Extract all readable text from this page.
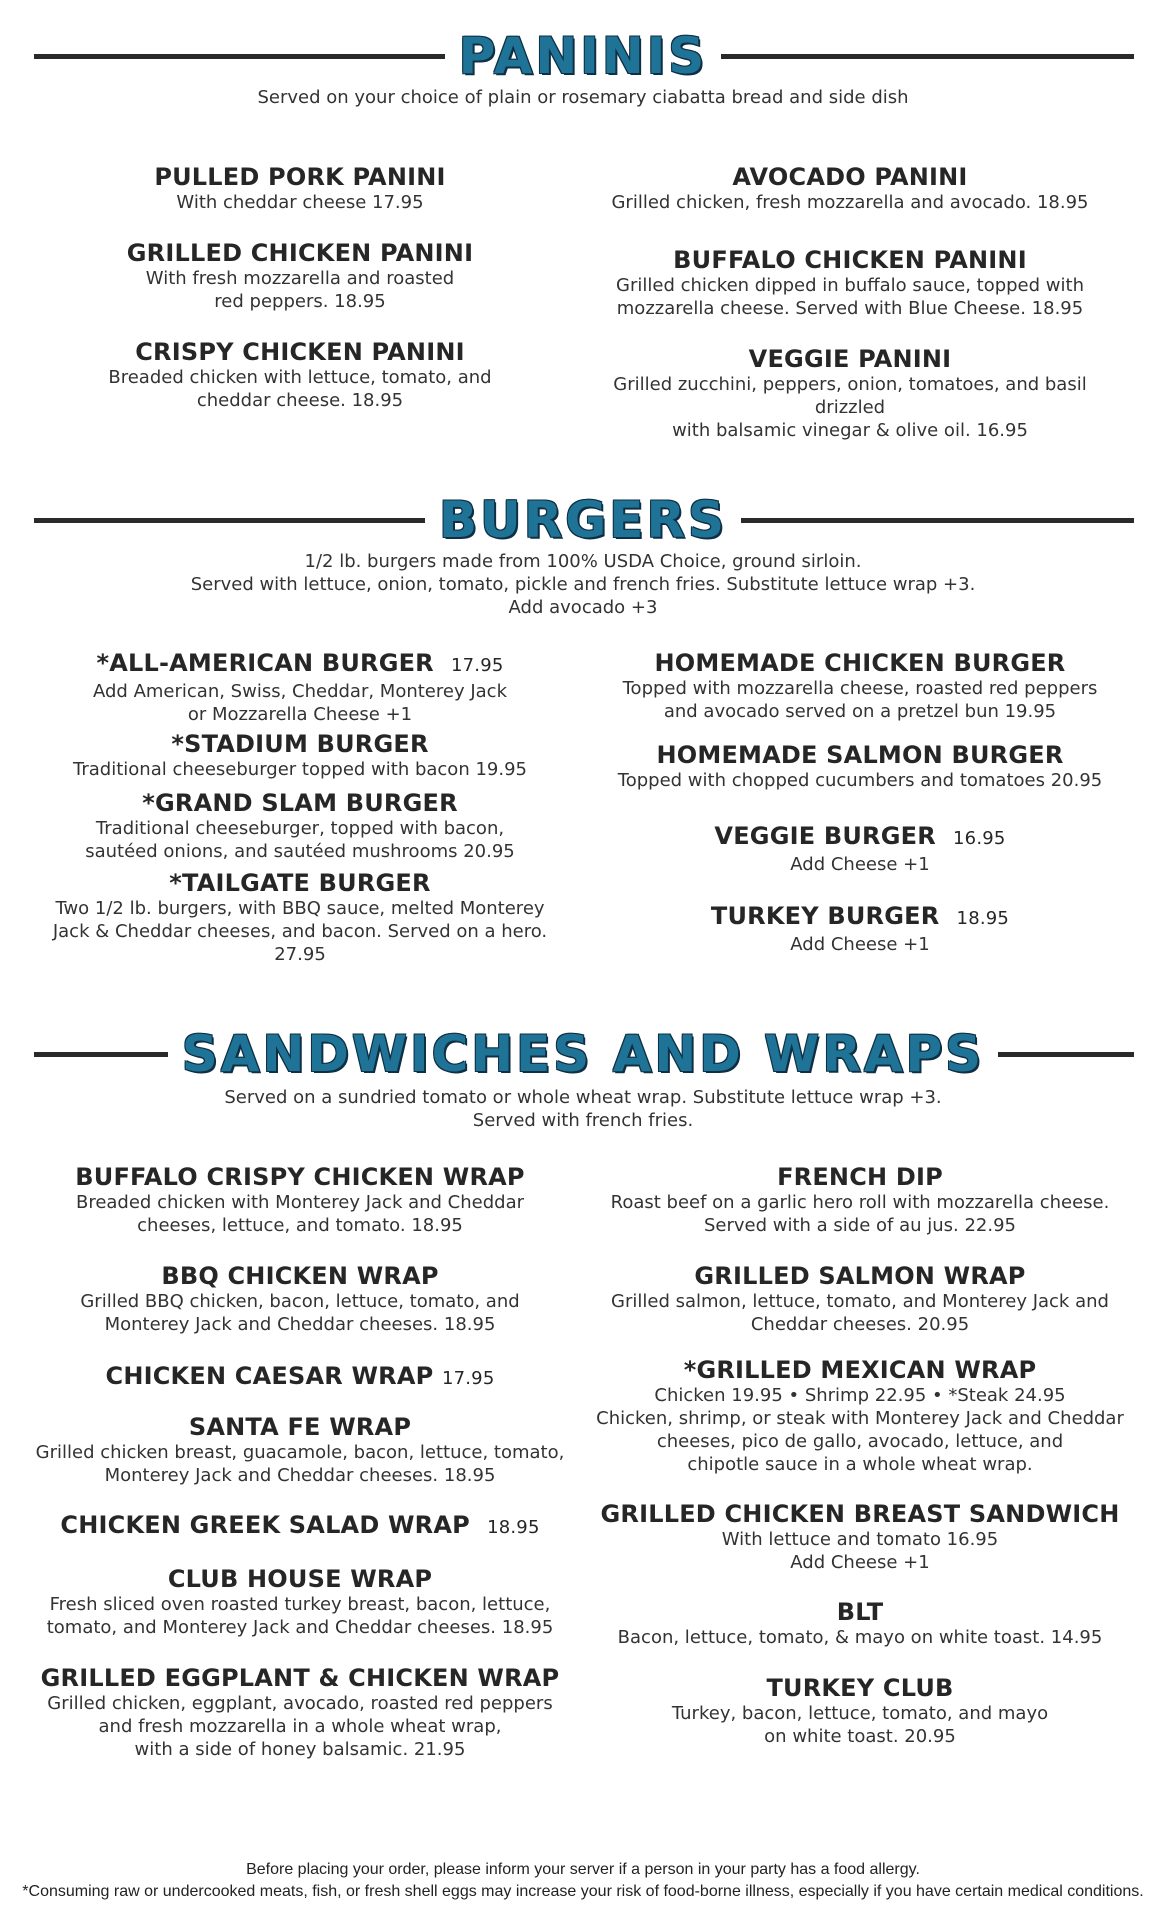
PANINIS
Served on your choice of plain or rosemary ciabatta bread and side dish
PULLED PORK PANINI
With cheddar cheese 17.95
GRILLED CHICKEN PANINI
With fresh mozzarella and roasted
red peppers. 18.95
CRISPY CHICKEN PANINI
Breaded chicken with lettuce, tomato, and
cheddar cheese. 18.95
AVOCADO PANINI
Grilled chicken, fresh mozzarella and avocado. 18.95
BUFFALO CHICKEN PANINI
Grilled chicken dipped in buffalo sauce, topped with
mozzarella cheese. Served with Blue Cheese. 18.95
VEGGIE PANINI
Grilled zucchini, peppers, onion, tomatoes, and basil drizzled
with balsamic vinegar & olive oil. 16.95
BURGERS
1/2 lb. burgers made from 100% USDA Choice, ground sirloin.
Served with lettuce, onion, tomato, pickle and french fries. Substitute lettuce wrap +3.
Add avocado +3
*ALL-AMERICAN BURGER 17.95
Add American, Swiss, Cheddar, Monterey Jack
or Mozzarella Cheese +1
*STADIUM BURGER
Traditional cheeseburger topped with bacon 19.95
*GRAND SLAM BURGER
Traditional cheeseburger, topped with bacon,
sautéed onions, and sautéed mushrooms 20.95
*TAILGATE BURGER
Two 1/2 lb. burgers, with BBQ sauce, melted Monterey
Jack & Cheddar cheeses, and bacon. Served on a hero. 27.95
HOMEMADE CHICKEN BURGER
Topped with mozzarella cheese, roasted red peppers
and avocado served on a pretzel bun 19.95
HOMEMADE SALMON BURGER
Topped with chopped cucumbers and tomatoes 20.95
VEGGIE BURGER 16.95
Add Cheese +1
TURKEY BURGER 18.95
Add Cheese +1
SANDWICHES AND WRAPS
Served on a sundried tomato or whole wheat wrap. Substitute lettuce wrap +3.
Served with french fries.
BUFFALO CRISPY CHICKEN WRAP
Breaded chicken with Monterey Jack and Cheddar
cheeses, lettuce, and tomato. 18.95
BBQ CHICKEN WRAP
Grilled BBQ chicken, bacon, lettuce, tomato, and
Monterey Jack and Cheddar cheeses. 18.95
CHICKEN CAESAR WRAP 17.95
SANTA FE WRAP
Grilled chicken breast, guacamole, bacon, lettuce, tomato,
Monterey Jack and Cheddar cheeses. 18.95
CHICKEN GREEK SALAD WRAP 18.95
CLUB HOUSE WRAP
Fresh sliced oven roasted turkey breast, bacon, lettuce,
tomato, and Monterey Jack and Cheddar cheeses. 18.95
GRILLED EGGPLANT & CHICKEN WRAP
Grilled chicken, eggplant, avocado, roasted red peppers
and fresh mozzarella in a whole wheat wrap,
with a side of honey balsamic. 21.95
FRENCH DIP
Roast beef on a garlic hero roll with mozzarella cheese.
Served with a side of au jus. 22.95
GRILLED SALMON WRAP
Grilled salmon, lettuce, tomato, and Monterey Jack and
Cheddar cheeses. 20.95
*GRILLED MEXICAN WRAP
Chicken 19.95 • Shrimp 22.95 • *Steak 24.95
Chicken, shrimp, or steak with Monterey Jack and Cheddar
cheeses, pico de gallo, avocado, lettuce, and
chipotle sauce in a whole wheat wrap.
GRILLED CHICKEN BREAST SANDWICH
With lettuce and tomato 16.95
Add Cheese +1
BLT
Bacon, lettuce, tomato, & mayo on white toast. 14.95
TURKEY CLUB
Turkey, bacon, lettuce, tomato, and mayo
on white toast. 20.95
Before placing your order, please inform your server if a person in your party has a food allergy.
*Consuming raw or undercooked meats, fish, or fresh shell eggs may increase your risk of food-borne illness, especially if you have certain medical conditions.
